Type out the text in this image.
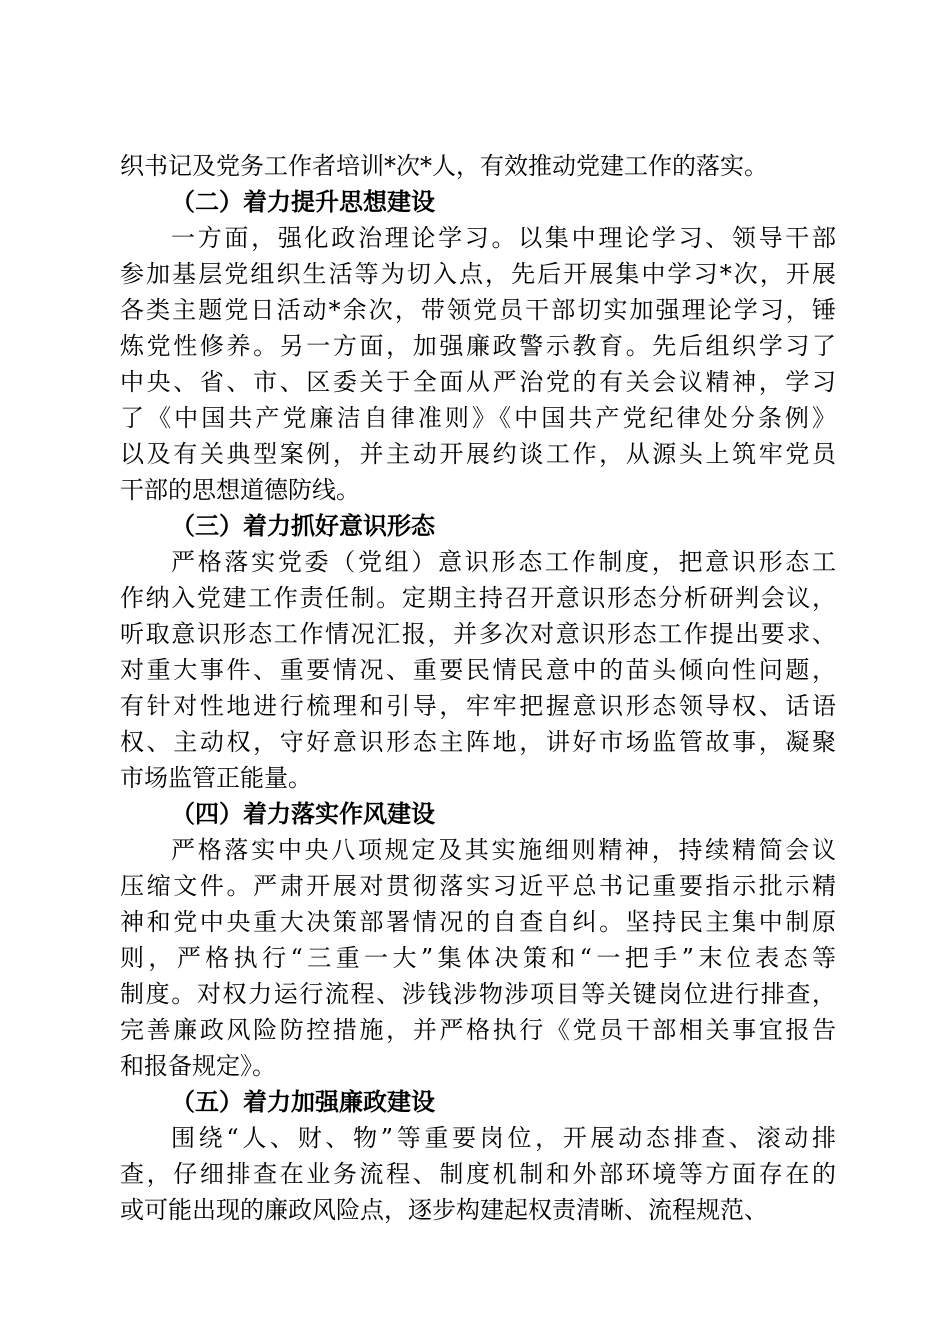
织书记及党务工作者培训*次*人，有效推动党建工作的落实。
（二）着力提升思想建设
一方面，强化政治理论学习。以集中理论学习、领导干部
参加基层党组织生活等为切入点，先后开展集中学习*次，开展
各类主题党日活动*余次，带领党员干部切实加强理论学习，锤
炼党性修养。另一方面，加强廉政警示教育。先后组织学习了
中央、省、市、区委关于全面从严治党的有关会议精神，学习
了《中国共产党廉洁自律准则》《中国共产党纪律处分条例》
以及有关典型案例，并主动开展约谈工作，从源头上筑牢党员
干部的思想道德防线。
（三）着力抓好意识形态
严格落实党委（党组）意识形态工作制度，把意识形态工
作纳入党建工作责任制。定期主持召开意识形态分析研判会议，
听取意识形态工作情况汇报，并多次对意识形态工作提出要求、
对重大事件、重要情况、重要民情民意中的苗头倾向性问题，
有针对性地进行梳理和引导，牢牢把握意识形态领导权、话语
权、主动权，守好意识形态主阵地，讲好市场监管故事，凝聚
市场监管正能量。
（四）着力落实作风建设
严格落实中央八项规定及其实施细则精神，持续精简会议
压缩文件。严肃开展对贯彻落实习近平总书记重要指示批示精
神和党中央重大决策部署情况的自查自纠。坚持民主集中制原
则，严格执行“三重一大”集体决策和“一把手”末位表态等
制度。对权力运行流程、涉钱涉物涉项目等关键岗位进行排查，
完善廉政风险防控措施，并严格执行《党员干部相关事宜报告
和报备规定》。
（五）着力加强廉政建设
围绕“人、财、物”等重要岗位，开展动态排查、滚动排
查，仔细排查在业务流程、制度机制和外部环境等方面存在的
或可能出现的廉政风险点，逐步构建起权责清晰、流程规范、
